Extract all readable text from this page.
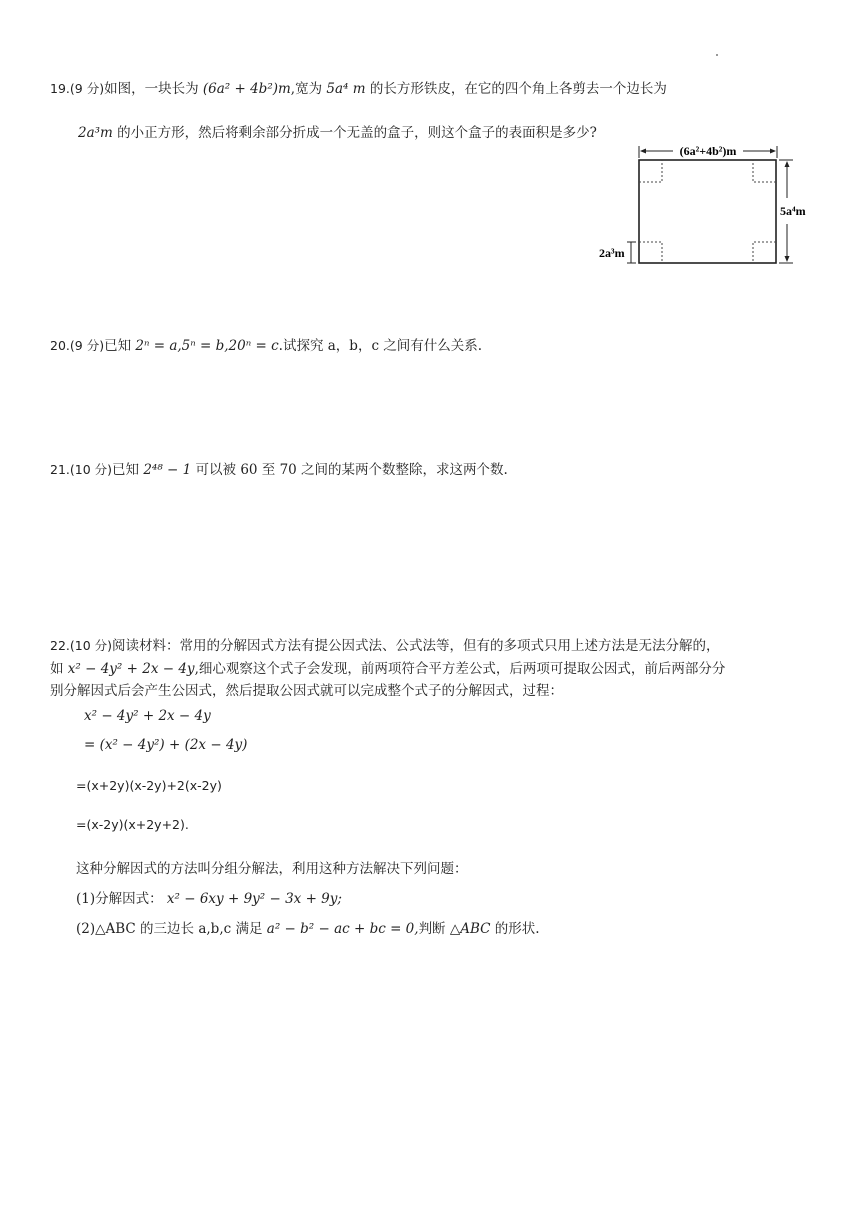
19.(9 分)如图，一块长为 (6a² + 4b²)m,宽为 5a⁴ m 的长方形铁皮，在它的四个角上各剪去一个边长为
2a³m 的小正方形，然后将剩余部分折成一个无盖的盒子，则这个盒子的表面积是多少?
(6a²+4b²)m
5a⁴m
2a³m
20.(9 分)已知 2ⁿ = a,5ⁿ = b,20ⁿ = c.试探究 a，b，c 之间有什么关系.
21.(10 分)已知 2⁴⁸ − 1 可以被 60 至 70 之间的某两个数整除，求这两个数.
22.(10 分)阅读材料：常用的分解因式方法有提公因式法、公式法等，但有的多项式只用上述方法是无法分解的，
如 x² − 4y² + 2x − 4y,细心观察这个式子会发现，前两项符合平方差公式，后两项可提取公因式，前后两部分分
别分解因式后会产生公因式，然后提取公因式就可以完成整个式子的分解因式，过程：
x² − 4y² + 2x − 4y
= (x² − 4y²) + (2x − 4y)
=(x+2y)(x-2y)+2(x-2y)
=(x-2y)(x+2y+2).
这种分解因式的方法叫分组分解法，利用这种方法解决下列问题：
(1)分解因式： x² − 6xy + 9y² − 3x + 9y;
(2)△ABC 的三边长 a,b,c 满足 a² − b² − ac + bc = 0,判断 △ABC 的形状.
